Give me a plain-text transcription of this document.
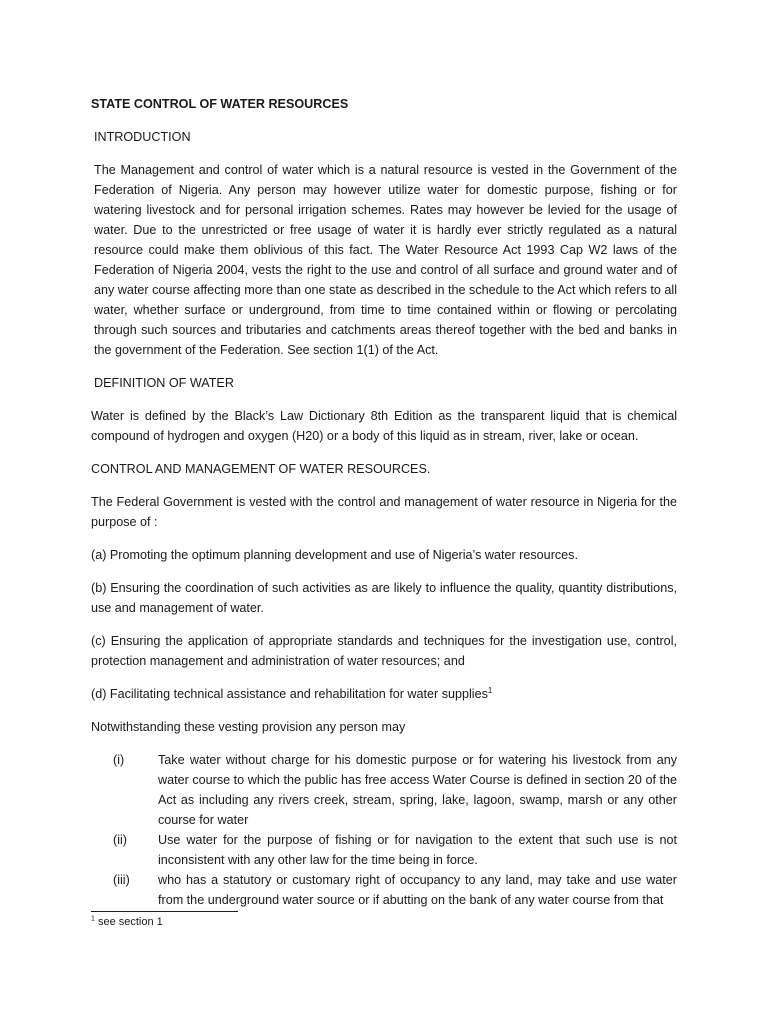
STATE CONTROL OF WATER RESOURCES
INTRODUCTION
The Management and control of water which is a natural resource is vested in the Government of the Federation of Nigeria. Any person may however utilize water for domestic purpose, fishing or for watering livestock and for personal irrigation schemes. Rates may however be levied for the usage of water. Due to the unrestricted or free usage of water it is hardly ever strictly regulated as a natural resource could make them oblivious of this fact. The Water Resource Act 1993 Cap W2 laws of the Federation of Nigeria 2004, vests the right to the use and control of all surface and ground water and of any water course affecting more than one state as described in the schedule to the Act which refers to all water, whether surface or underground, from time to time contained within or flowing or percolating through such sources and tributaries and catchments areas thereof together with the bed and banks in the government of the Federation. See section 1(1) of the Act.
DEFINITION OF WATER
Water is defined by the Black’s Law Dictionary 8th Edition as the transparent liquid that is chemical compound of hydrogen and oxygen (H20) or a body of this liquid as in stream, river, lake or ocean.
CONTROL AND MANAGEMENT OF WATER RESOURCES.
The Federal Government is vested with the control and management of water resource in Nigeria for the purpose of :
(a) Promoting the optimum planning development and use of Nigeria’s water resources.
(b) Ensuring the coordination of such activities as are likely to influence the quality, quantity distributions, use and management of water.
(c) Ensuring the application of appropriate standards and techniques for the investigation use, control, protection management and administration of water resources; and
(d) Facilitating technical assistance and rehabilitation for water supplies$^1$
Notwithstanding these vesting provision any person may
(i)	Take water without charge for his domestic purpose or for watering his livestock from any water course to which the public has free access Water Course is defined in section 20 of the Act as including any rivers creek, stream, spring, lake, lagoon, swamp, marsh or any other course for water
(ii)	Use water for the purpose of fishing or for navigation to the extent that such use is not inconsistent with any other law for the time being in force.
(iii)	who has a statutory or customary right of occupancy to any land, may take and use water from the underground water source or if abutting on the bank of any water course from that
$^1$ see section 1
